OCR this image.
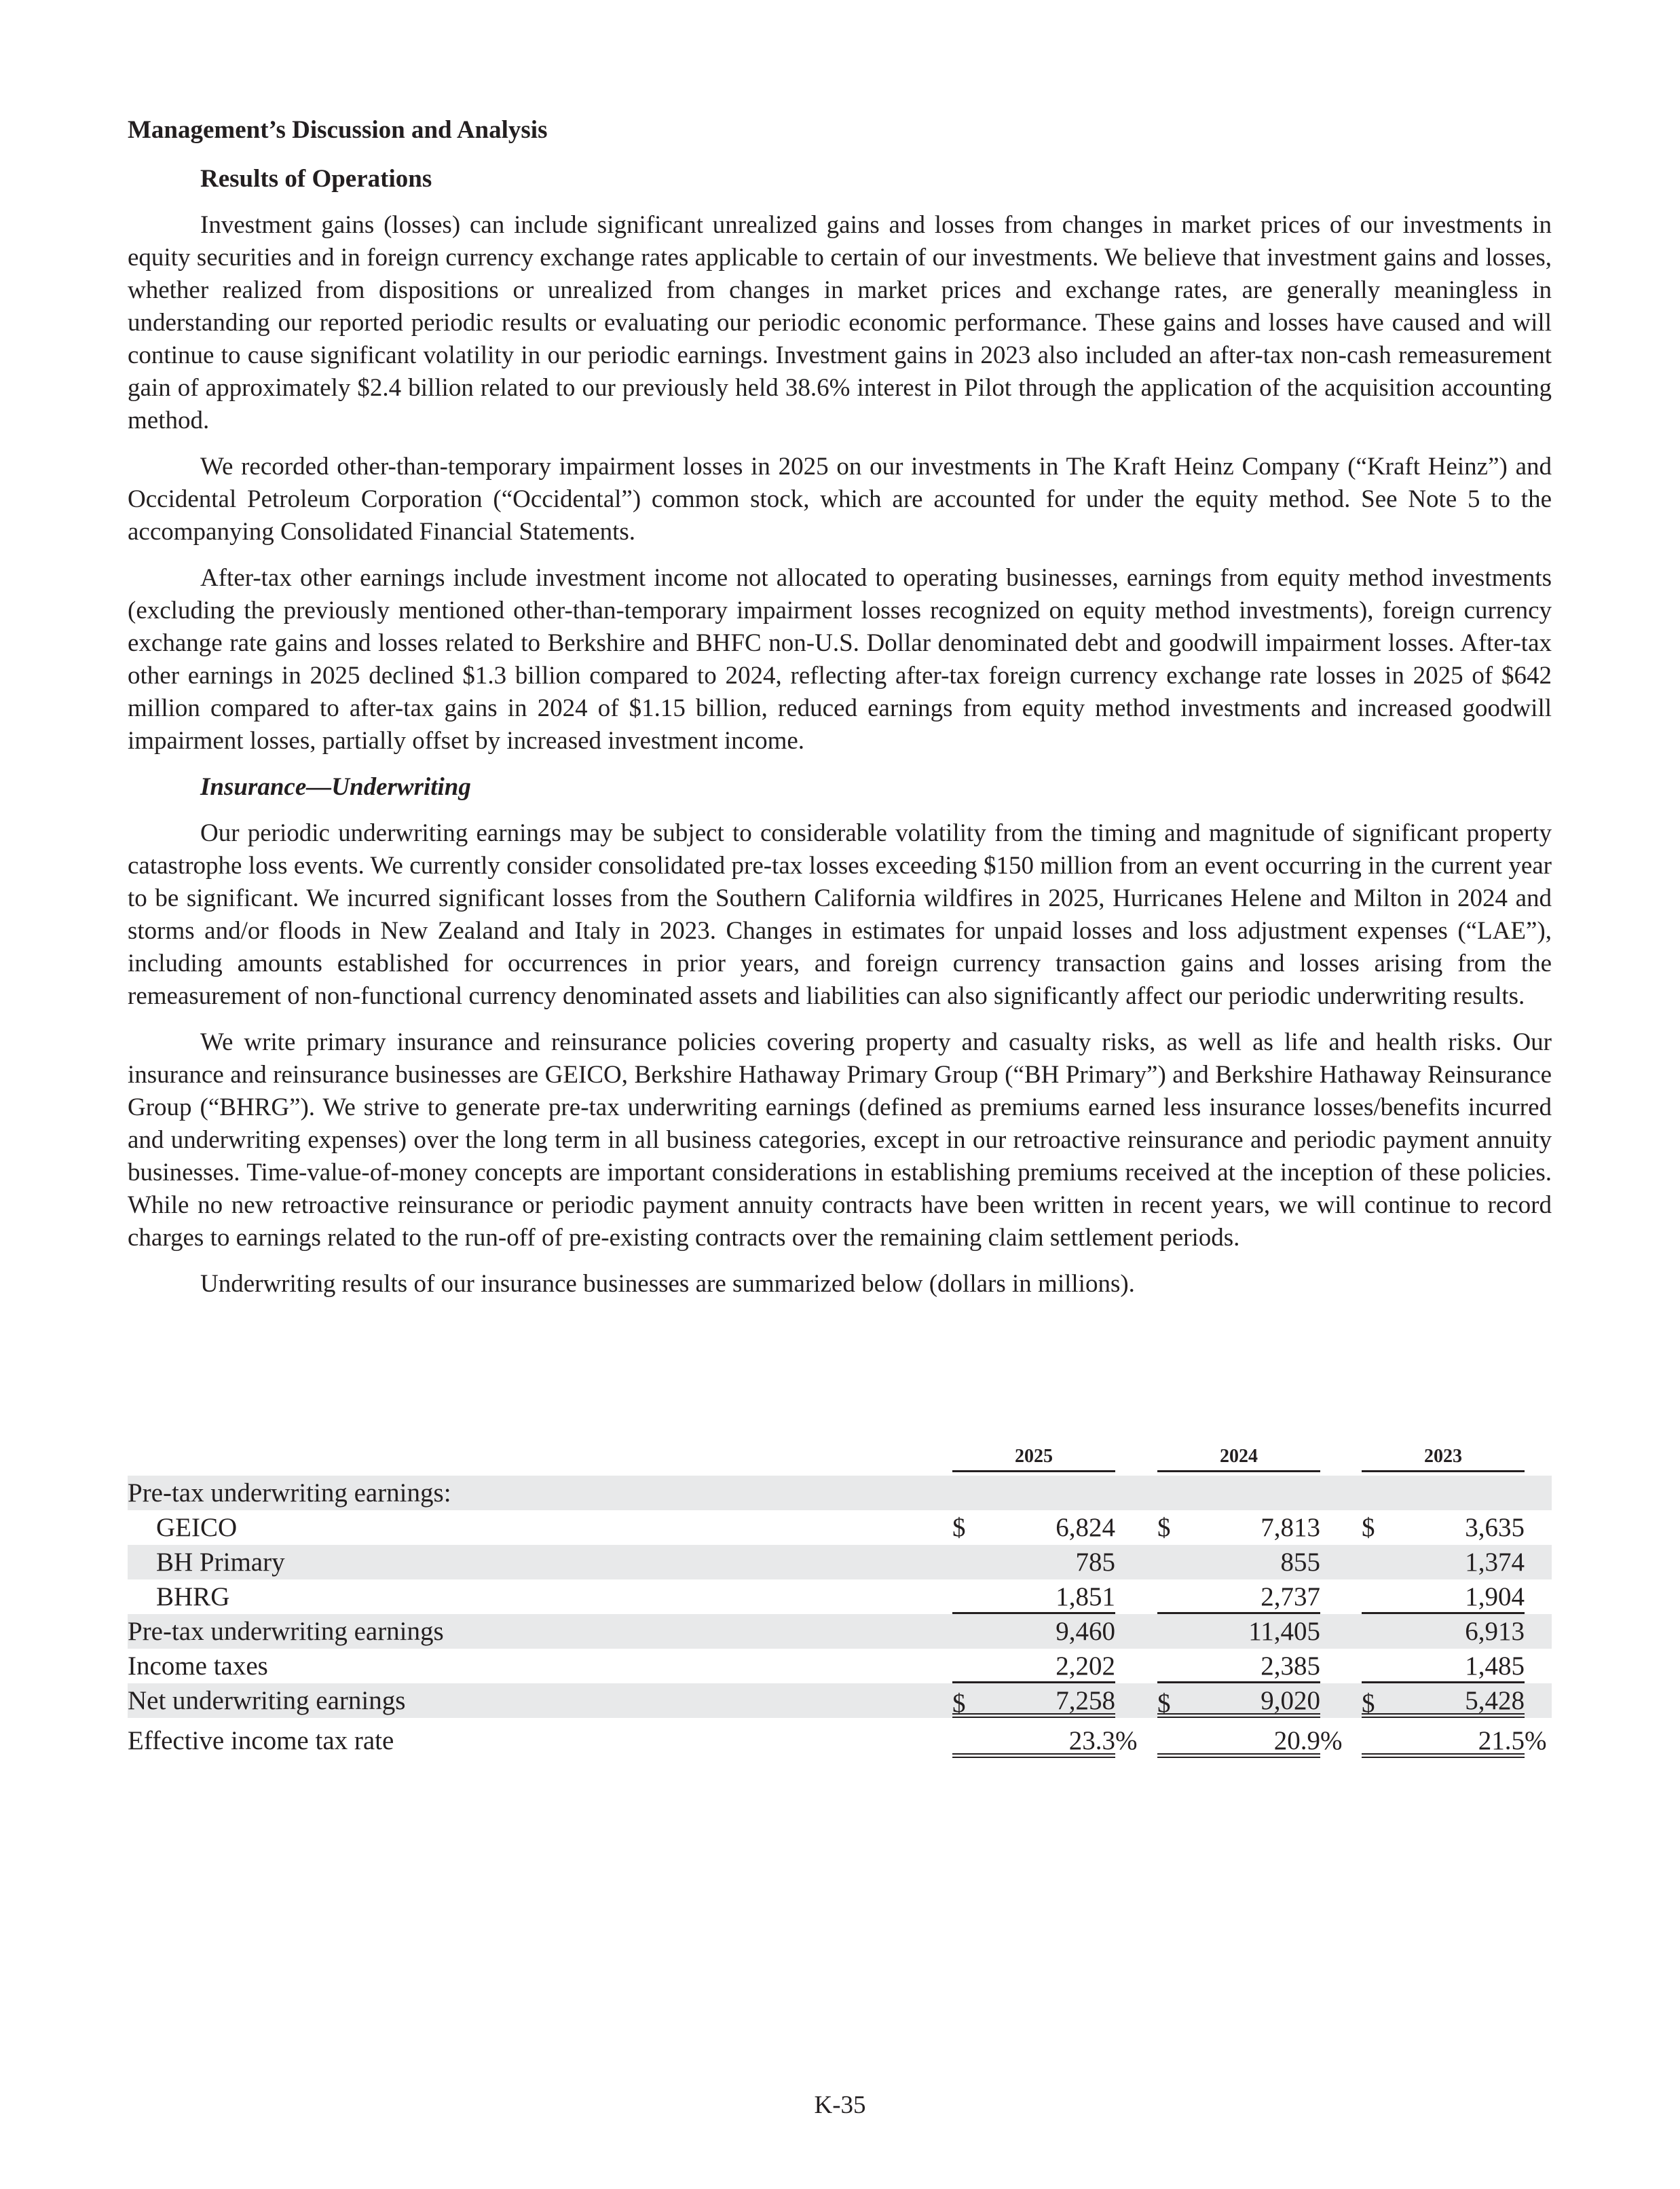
Management’s Discussion and Analysis
Results of Operations

Investment gains (losses) can include significant unrealized gains and losses from changes in market prices of our investments in equity securities and in foreign currency exchange rates applicable to certain of our investments. We believe that investment gains and losses, whether realized from dispositions or unrealized from changes in market prices and exchange rates, are generally meaningless in understanding our reported periodic results or evaluating our periodic economic performance. These gains and losses have caused and will continue to cause significant volatility in our periodic earnings. Investment gains in 2023 also included an after-tax non-cash remeasurement gain of approximately $2.4 billion related to our previously held 38.6% interest in Pilot through the application of the acquisition accounting method.

We recorded other-than-temporary impairment losses in 2025 on our investments in The Kraft Heinz Company (“Kraft Heinz”) and Occidental Petroleum Corporation (“Occidental”) common stock, which are accounted for under the equity method. See Note 5 to the accompanying Consolidated Financial Statements.

After-tax other earnings include investment income not allocated to operating businesses, earnings from equity method investments (excluding the previously mentioned other-than-temporary impairment losses recognized on equity method investments), foreign currency exchange rate gains and losses related to Berkshire and BHFC non-U.S. Dollar denominated debt and goodwill impairment losses. After-tax other earnings in 2025 declined $1.3 billion compared to 2024, reflecting after-tax foreign currency exchange rate losses in 2025 of $642 million compared to after-tax gains in 2024 of $1.15 billion, reduced earnings from equity method investments and increased goodwill impairment losses, partially offset by increased investment income.

Insurance—Underwriting

Our periodic underwriting earnings may be subject to considerable volatility from the timing and magnitude of significant property catastrophe loss events. We currently consider consolidated pre-tax losses exceeding $150 million from an event occurring in the current year to be significant. We incurred significant losses from the Southern California wildfires in 2025, Hurricanes Helene and Milton in 2024 and storms and/or floods in New Zealand and Italy in 2023. Changes in estimates for unpaid losses and loss adjustment expenses (“LAE”), including amounts established for occurrences in prior years, and foreign currency transaction gains and losses arising from the remeasurement of non-functional currency denominated assets and liabilities can also significantly affect our periodic underwriting results.

We write primary insurance and reinsurance policies covering property and casualty risks, as well as life and health risks. Our insurance and reinsurance businesses are GEICO, Berkshire Hathaway Primary Group (“BH Primary”) and Berkshire Hathaway Reinsurance Group (“BHRG”). We strive to generate pre-tax underwriting earnings (defined as premiums earned less insurance losses/benefits incurred and underwriting expenses) over the long term in all business categories, except in our retroactive reinsurance and periodic payment annuity businesses. Time-value-of-money concepts are important considerations in establishing premiums received at the inception of these policies. While no new retroactive reinsurance or periodic payment annuity contracts have been written in recent years, we will continue to record charges to earnings related to the run-off of pre-existing contracts over the remaining claim settlement periods.

Underwriting results of our insurance businesses are summarized below (dollars in millions).

2025	2024	2023
Pre-tax underwriting earnings:
GEICO	$	6,824 $	7,813 $	3,635
BH Primary	785	855	1,374
BHRG	1,851	2,737	1,904
Pre-tax underwriting earnings	9,460	11,405	6,913
Income taxes	2,202	2,385	1,485
Net underwriting earnings	$	7,258 $	9,020 $	5,428
Effective income tax rate	23.3 %	20.9 %	21.5 %
K-35
